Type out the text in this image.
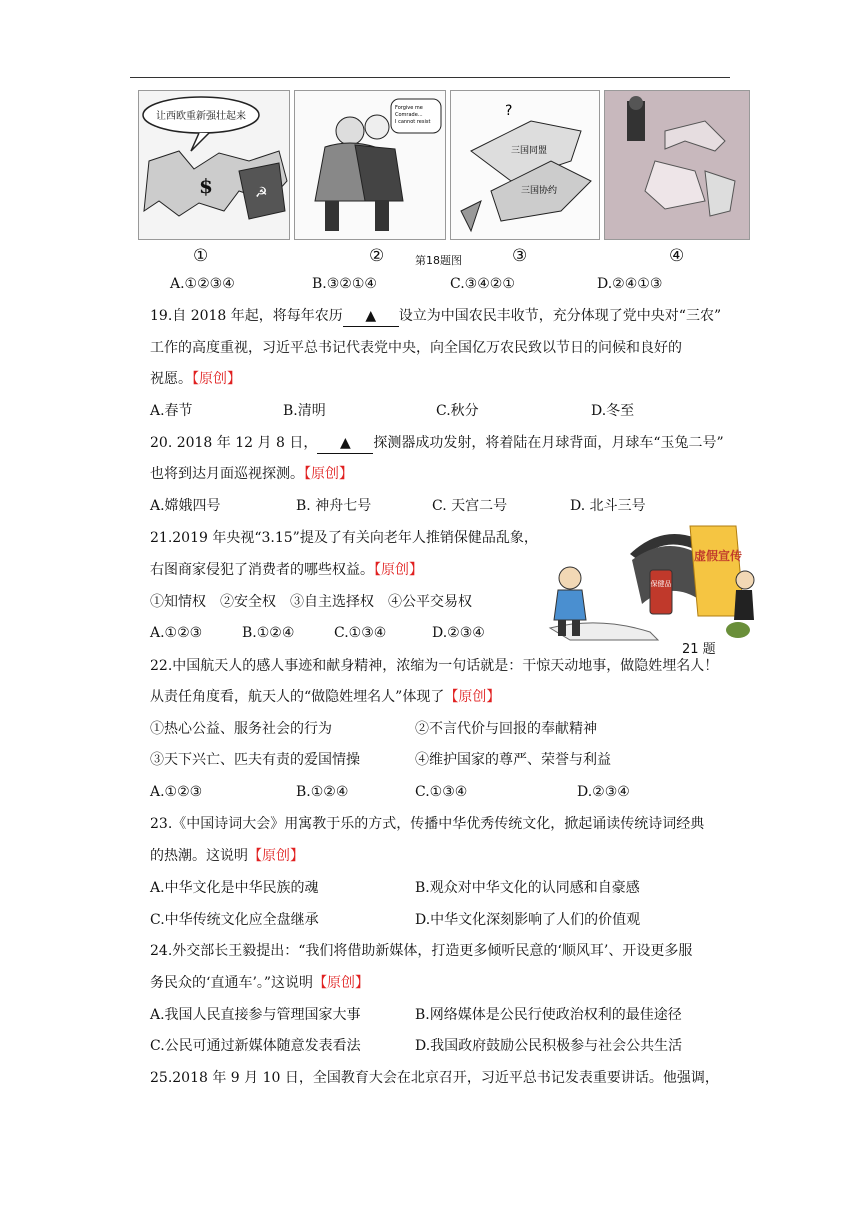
让西欧重新强壮起来
$	☭
Forgive me
Comrade...
I cannot resist
?
三国同盟
三国协约
①	②	第18题图	③	④
A.①②③④	B.③②①④	C.③④②①	D.②④①③
19.自 2018 年起，将每年农历 ▲ 设立为中国农民丰收节，充分体现了党中央对“三农”
工作的高度重视，习近平总书记代表党中央，向全国亿万农民致以节日的问候和良好的
祝愿。【原创】
A.春节	B.清明	C.秋分	D.冬至
20. 2018 年 12 月 8 日， ▲ 探测器成功发射，将着陆在月球背面，月球车“玉兔二号”
也将到达月面巡视探测。【原创】
A.嫦娥四号	B. 神舟七号	C. 天宫二号	D. 北斗三号
21.2019 年央视“3.15”提及了有关向老年人推销保健品乱象，
右图商家侵犯了消费者的哪些权益。【原创】
①知情权　②安全权　③自主选择权　④公平交易权
A.①②③	B.①②④	C.①③④	D.②③④
保健品
虚假宣传
21 题
22.中国航天人的感人事迹和献身精神，浓缩为一句话就是：干惊天动地事，做隐姓埋名人！
从责任角度看，航天人的“做隐姓埋名人”体现了【原创】
①热心公益、服务社会的行为	②不言代价与回报的奉献精神
③天下兴亡、匹夫有责的爱国情操	④维护国家的尊严、荣誉与利益
A.①②③	B.①②④	C.①③④	D.②③④
23.《中国诗词大会》用寓教于乐的方式，传播中华优秀传统文化，掀起诵读传统诗词经典
的热潮。这说明【原创】
A.中华文化是中华民族的魂	B.观众对中华文化的认同感和自豪感
C.中华传统文化应全盘继承	D.中华文化深刻影响了人们的价值观
24.外交部长王毅提出：“我们将借助新媒体，打造更多倾听民意的‘顺风耳’、开设更多服
务民众的‘直通车’。”这说明【原创】
A.我国人民直接参与管理国家大事	B.网络媒体是公民行使政治权利的最佳途径
C.公民可通过新媒体随意发表看法	D.我国政府鼓励公民积极参与社会公共生活
25.2018 年 9 月 10 日，全国教育大会在北京召开，习近平总书记发表重要讲话。他强调，
